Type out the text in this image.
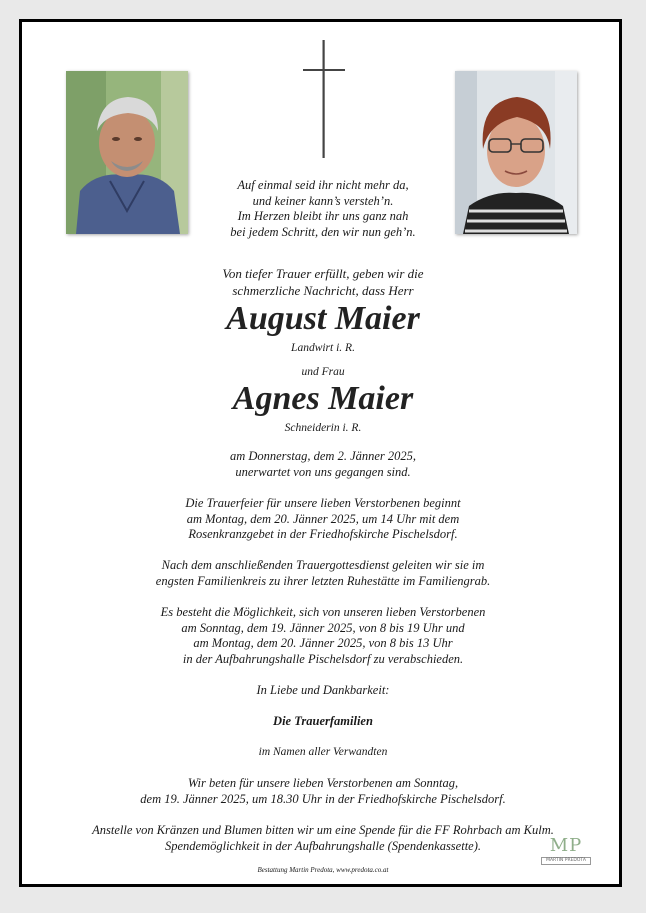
Auf einmal seid ihr nicht mehr da,
und keiner kann’s versteh’n.
Im Herzen bleibt ihr uns ganz nah
bei jedem Schritt, den wir nun geh’n.
Von tiefer Trauer erfüllt, geben wir die
schmerzliche Nachricht, dass Herr
August Maier
Landwirt i. R.
und Frau
Agnes Maier
Schneiderin i. R.
am Donnerstag, dem 2. Jänner 2025,
unerwartet von uns gegangen sind.
Die Trauerfeier für unsere lieben Verstorbenen beginnt
am Montag, dem 20. Jänner 2025, um 14 Uhr mit dem
Rosenkranzgebet in der Friedhofskirche Pischelsdorf.
Nach dem anschließenden Trauergottesdienst geleiten wir sie im
engsten Familienkreis zu ihrer letzten Ruhestätte im Familiengrab.
Es besteht die Möglichkeit, sich von unseren lieben Verstorbenen
am Sonntag, dem 19. Jänner 2025, von 8 bis 19 Uhr und
am Montag, dem 20. Jänner 2025, von 8 bis 13 Uhr
in der Aufbahrungshalle Pischelsdorf zu verabschieden.
In Liebe und Dankbarkeit:
Die Trauerfamilien
im Namen aller Verwandten
Wir beten für unsere lieben Verstorbenen am Sonntag,
dem 19. Jänner 2025, um 18.30 Uhr in der Friedhofskirche Pischelsdorf.
Anstelle von Kränzen und Blumen bitten wir um eine Spende für die FF Rohrbach am Kulm.
Spendemöglichkeit in der Aufbahrungshalle (Spendenkassette).
Bestattung Martin Predota, www.predota.co.at
MP
MARTIN PREDOTA
